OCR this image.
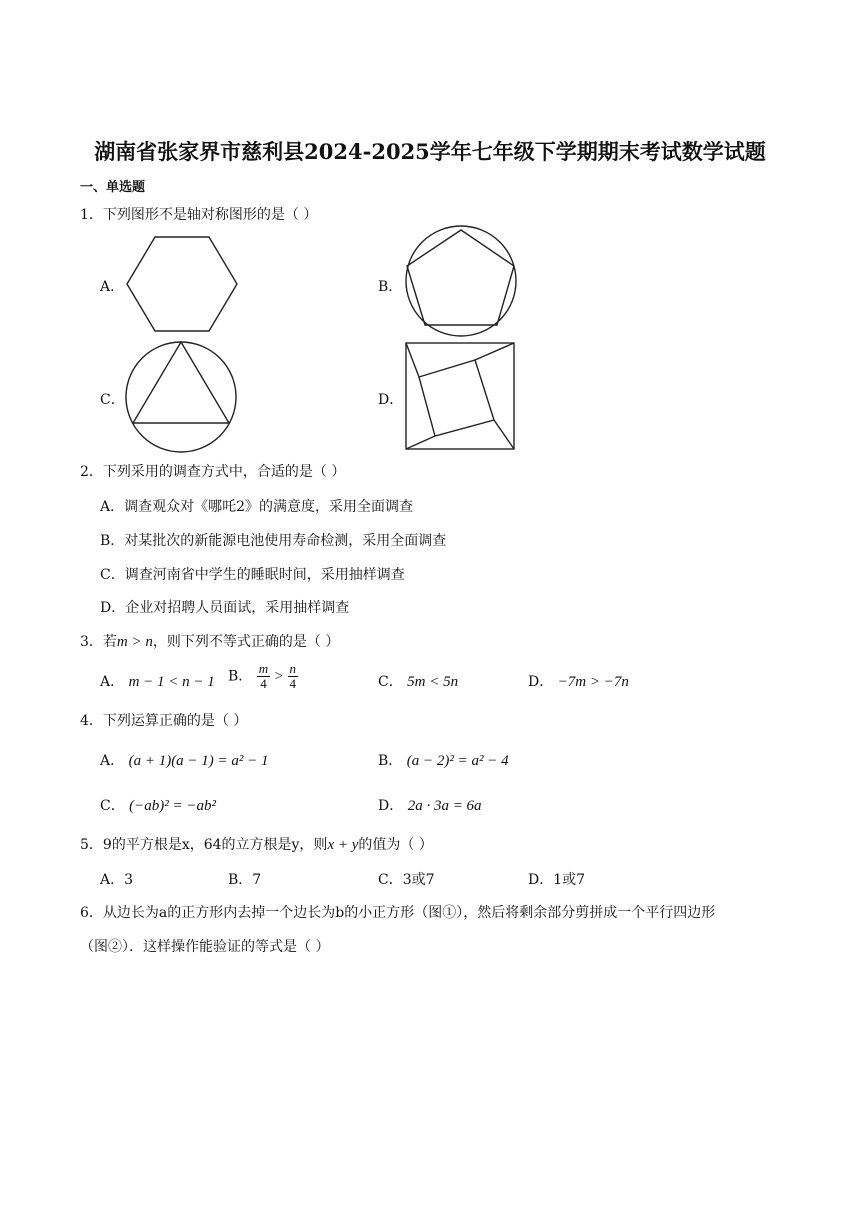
湖南省张家界市慈利县2024-2025学年七年级下学期期末考试数学试题
一、单选题
1．下列图形不是轴对称图形的是（ ）
A．	B．
C．	D．
2．下列采用的调查方式中，合适的是（ ）
A．调查观众对《哪吒2》的满意度，采用全面调查
B．对某批次的新能源电池使用寿命检测，采用全面调查
C．调查河南省中学生的睡眠时间，采用抽样调查
D．企业对招聘人员面试，采用抽样调查
3．若m > n，则下列不等式正确的是（ ）
A． m − 1 < n − 1 B． $\frac{m}{4} > \frac{n}{4}$	C． 5m < 5n	D． −7m > −7n
4．下列运算正确的是（ ）
A． (a + 1)(a − 1) = a² − 1	B． (a − 2)² = a² − 4
C． (−ab)² = −ab²	D． 2a · 3a = 6a
5．9的平方根是x，64的立方根是y，则x + y的值为（ ）
A．3	B．7	C．3或7	D．1或7
6．从边长为a的正方形内去掉一个边长为b的小正方形（图①），然后将剩余部分剪拼成一个平行四边形
（图②）．这样操作能验证的等式是（ ）
